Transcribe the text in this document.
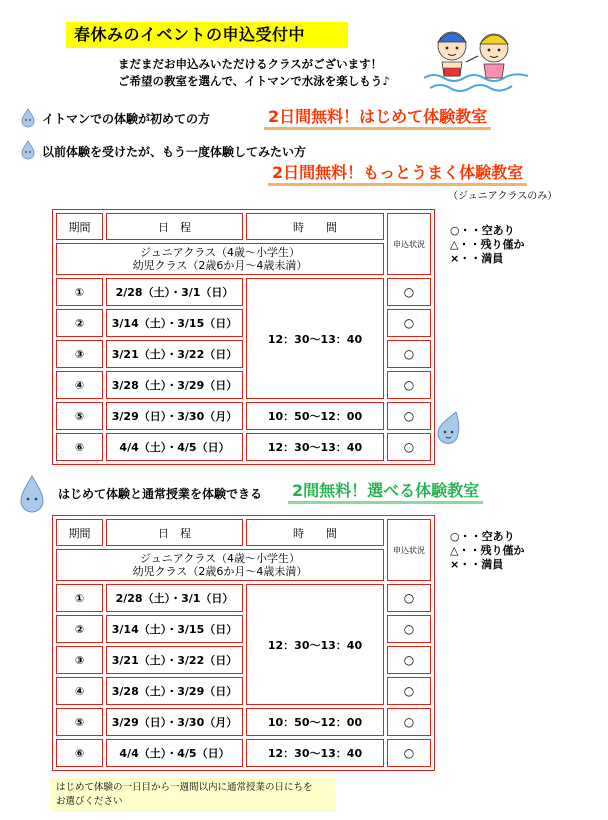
春休みのイベントの申込受付中
まだまだお申込みいただけるクラスがございます！
ご希望の教室を選んで、イトマンで水泳を楽しもう♪
イトマンでの体験が初めての方	2日間無料！はじめて体験教室
以前体験を受けたが、もう一度体験してみたい方
2日間無料！もっとうまく体験教室
（ジュニアクラスのみ）
期間	日　程	時　　間	申込状況

ジュニアクラス（4歳～小学生）
幼児クラス（2歳6か月～4歳未満）			

①	2/28（土）・3/1（日）	12：30～13：40	○
②	3/14（土）・3/15（日）		○
③	3/21（土）・3/22（日）		○
④	3/28（土）・3/29（日）		○
⑤	3/29（日）・3/30（月）	10：50～12：00	○
⑥	4/4（土）・4/5（日）	12：30～13：40	○
○・・空あり
△・・残り僅か
×・・満員
はじめて体験と通常授業を体験できる 2間無料！選べる体験教室
期間	日　程	時　　間	申込状況

ジュニアクラス（4歳～小学生）
幼児クラス（2歳6か月～4歳未満）			

①	2/28（土）・3/1（日）	12：30～13：40	○
②	3/14（土）・3/15（日）		○
③	3/21（土）・3/22（日）		○
④	3/28（土）・3/29（日）		○
⑤	3/29（日）・3/30（月）	10：50～12：00	○
⑥	4/4（土）・4/5（日）	12：30～13：40	○
○・・空あり
△・・残り僅か
×・・満員
はじめて体験の一日目から一週間以内に通常授業の日にちを
お選びください
